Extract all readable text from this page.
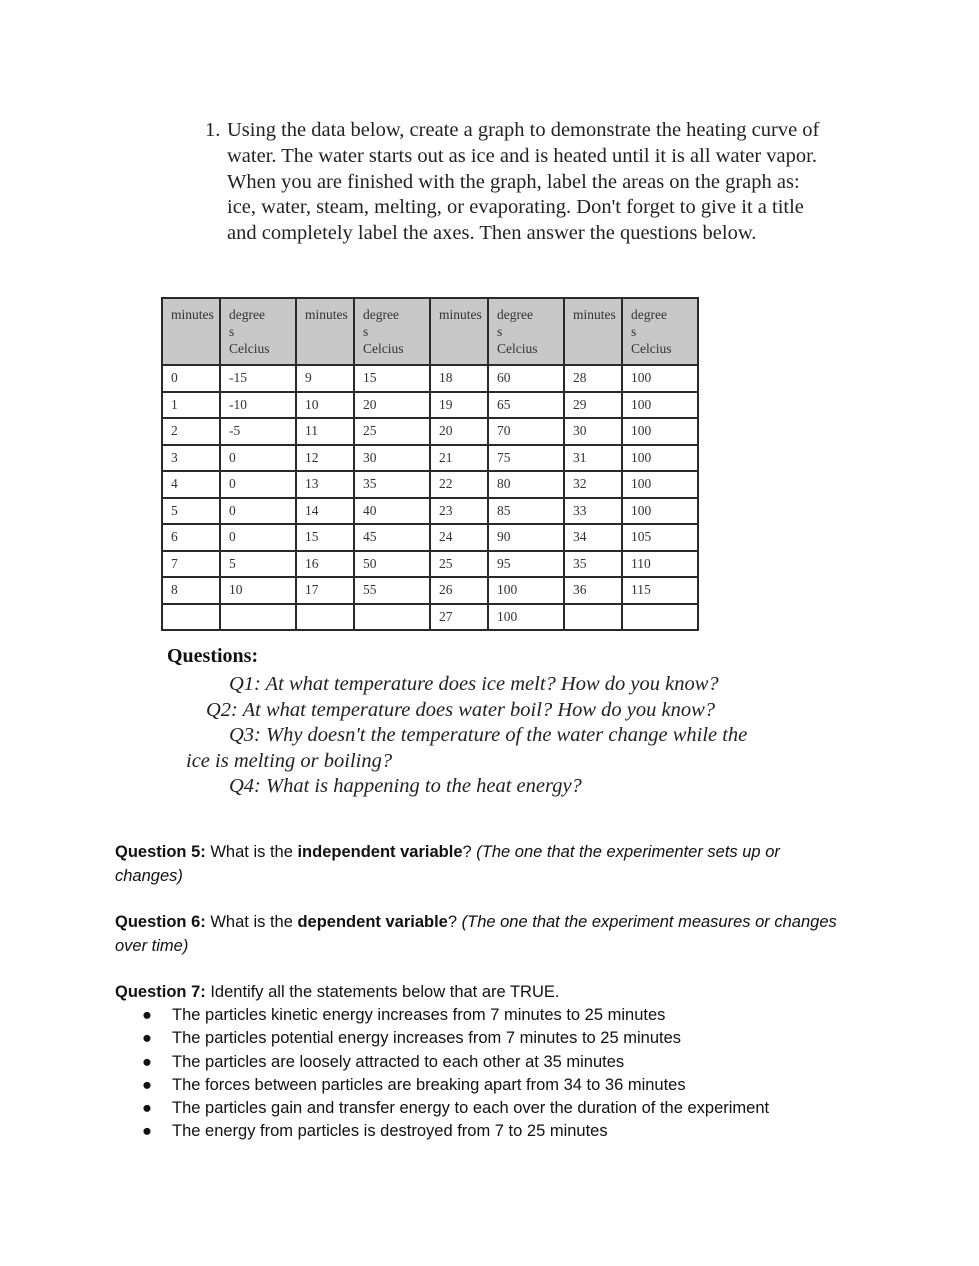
1. Using the data below, create a graph to demonstrate the heating curve of water. The water starts out as ice and is heated until it is all water vapor. When you are finished with the graph, label the areas on the graph as: ice, water, steam, melting, or evaporating. Don't forget to give it a title and completely label the axes. Then answer the questions below.
minutes	degree
s
Celcius	minutes	degree
s
Celcius	minutes	degree
s
Celcius	minutes	degree
s
Celcius
0	-15	9	15	18	60	28	100
1	-10	10	20	19	65	29	100
2	-5	11	25	20	70	30	100
3	0	12	30	21	75	31	100
4	0	13	35	22	80	32	100
5	0	14	40	23	85	33	100
6	0	15	45	24	90	34	105
7	5	16	50	25	95	35	110
8	10	17	55	26	100	36	115
				27	100		
Questions:
Q1: At what temperature does ice melt? How do you know?
Q2: At what temperature does water boil? How do you know?
Q3: Why doesn't the temperature of the water change while the
ice is melting or boiling?
Q4: What is happening to the heat energy?
Question 5: What is the independent variable? (The one that the experimenter sets up or changes)
Question 6: What is the dependent variable? (The one that the experiment measures or changes over time)
Question 7: Identify all the statements below that are TRUE.
● The particles kinetic energy increases from 7 minutes to 25 minutes
● The particles potential energy increases from 7 minutes to 25 minutes
● The particles are loosely attracted to each other at 35 minutes
● The forces between particles are breaking apart from 34 to 36 minutes
● The particles gain and transfer energy to each over the duration of the experiment
● The energy from particles is destroyed from 7 to 25 minutes
